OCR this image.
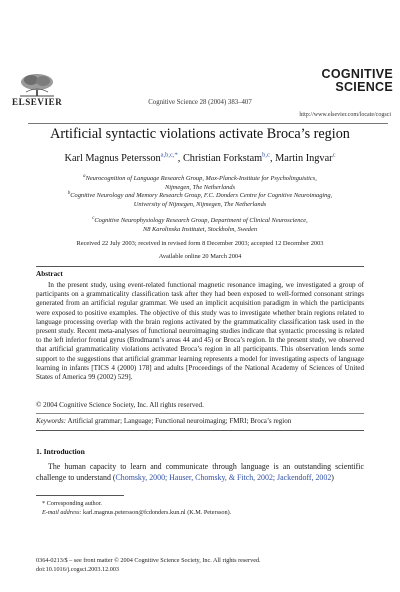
ELSEVIER
COGNITIVE
SCIENCE
Cognitive Science 28 (2004) 383–407
http://www.elsevier.com/locate/cogsci
Artificial syntactic violations activate Broca’s region
Karl Magnus Petersson$^{a,b,c,*}$, Christian Forkstam$^{b,c}$, Martin Ingvar$^c$
$^a$Neurocognition of Language Research Group, Max-Planck-Institute for Psycholinguistics,
Nijmegen, The Netherlands
$^b$Cognitive Neurology and Memory Research Group, F.C. Donders Centre for Cognitive Neuroimaging,
University of Nijmegen, Nijmegen, The Netherlands
$^c$Cognitive Neurophysiology Research Group, Department of Clinical Neuroscience,
N8 Karolinska Institutet, Stockholm, Sweden
Received 22 July 2003; received in revised form 8 December 2003; accepted 12 December 2003
Available online 20 March 2004
Abstract
In the present study, using event-related functional magnetic resonance imaging, we investigated a group of participants on a grammaticality classification task after they had been exposed to well-formed consonant strings generated from an artificial regular grammar. We used an implicit acquisition paradigm in which the participants were exposed to positive examples. The objective of this study was to investigate whether brain regions related to language processing overlap with the brain regions activated by the grammaticality classification task used in the present study. Recent meta-analyses of functional neuroimaging studies indicate that syntactic processing is related to the left inferior frontal gyrus (Brodmann’s areas 44 and 45) or Broca’s region. In the present study, we observed that artificial grammaticality violations activated Broca’s region in all participants. This observation lends some support to the suggestions that artificial grammar learning represents a model for investigating aspects of language learning in infants [TICS 4 (2000) 178] and adults [Proceedings of the National Academy of Sciences of United States of America 99 (2002) 529].
© 2004 Cognitive Science Society, Inc. All rights reserved.
Keywords: Artificial grammar; Language; Functional neuroimaging; FMRI; Broca’s region
1. Introduction
The human capacity to learn and communicate through language is an outstanding scientific challenge to understand (Chomsky, 2000; Hauser, Chomsky, & Fitch, 2002; Jackendoff, 2002)
* Corresponding author.
E-mail address: karl.magnus.petersson@fcdonders.kun.nl (K.M. Petersson).
0364-0213/$ – see front matter © 2004 Cognitive Science Society, Inc. All rights reserved.
doi:10.1016/j.cogsci.2003.12.003
